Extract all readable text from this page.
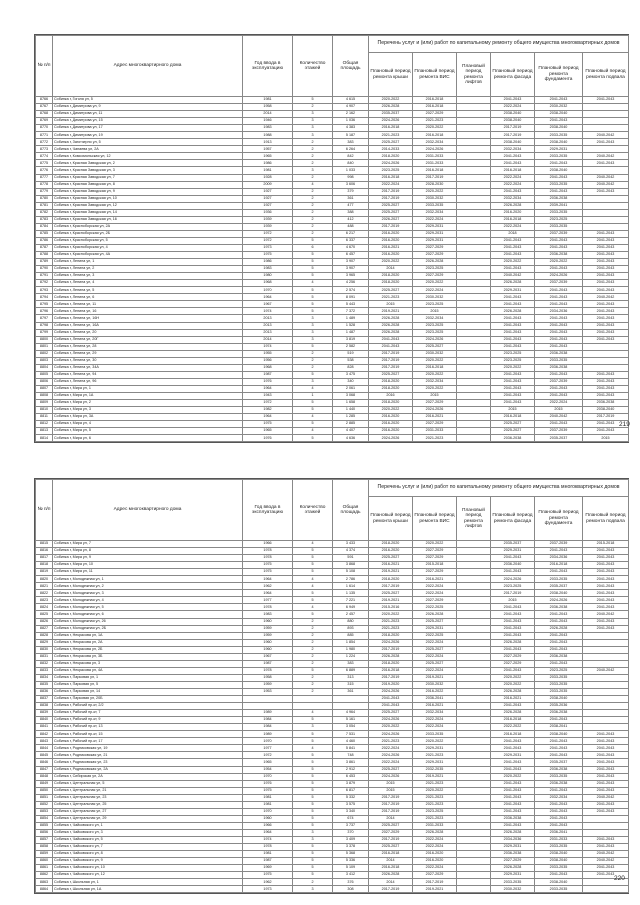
№ п/п	Адрес многоквартирного дома	Год ввода в эксплуатацию	Количество этажей	Общая площадь	Перечень услуг и (или) работ по капитальному ремонту общего имущества многоквартирных домов					
					Плановый период ремонта крыши	Плановый период ремонта ВИС	Плановый период ремонта лифтов	Плановый период ремонта фасада	Плановый период ремонта фундамента	Плановый период ремонта подвала
8766	Собинка г, Гоголя ул, 5	1981	5	4 615	2020-2022	2016-2018		2041-2043	2041-2043	2041-2043
8767	Собинка г, Димитрова ул, 9	1958	2	4 907	2026-2028	2016-2018		2022-2024	2030-2032	
8768	Собинка г, Димитрова ул, 11	2014	3	2 162	2035-2037	2027-2029		2038-2040	2038-2040	
8769	Собинка г, Димитрова ул, 15	1946	3	1 036	2024-2026	2021-2023		2038-2040	2041-2043	
8770	Собинка г, Димитрова ул, 17	1983	3	4 383	2016-2018	2020-2022		2017-2019	2038-2040	
8771	Собинка г, Димитрова ул, 19	1988	3	5 187	2021-2023	2016-2018		2017-2019	2033-2035	2040-2042
8772	Собинка г, Заготзерно ул, 5	1913	2	383	2025-2027	2032-2034		2038-2040	2038-2040	2041-2043
8773	Собинка г, Чапаева ул, 2А	1957	2	6 264	2014-2033	2024-2026		2032-2034	2029-2031	
8774	Собинка г, Комсомольская ул, 12	1965	2	842	2018-2020	2031-2033		2041-2043	2033-2035	2040-2042
8775	Собинка г, Красная Заводская ул, 2	1986	2	840	2024-2026	2031-2033		2041-2043	2041-2043	2041-2043
8776	Собинка г, Красная Заводская ул, 3	1981	3	1 033	2023-2025	2016-2018		2016-2018	2038-2040	
8777	Собинка г, Красная Заводская ул, 7	1928	2	998	2016-2018	2017-2019		2022-2024	2041-2043	2040-2042
8778	Собинка г, Красная Заводская ул, 8	2009	4	3 606	2022-2024	2028-2030		2022-2024	2033-2035	2040-2042
8779	Собинка г, Красная Заводская ул, 9	1927	2	379	2017-2019	2020-2022		2041-2043	2041-2043	2041-2043
8780	Собинка г, Красная Заводская ул, 10	1927	2	361	2017-2019	2030-2032		2032-2034	2036-2038	
8781	Собинка г, Красная Заводская ул, 12	1927	2	477	2025-2027	2033-2035		2026-2028	2039-2041	
8782	Собинка г, Красная Заводская ул, 14	1936	2	388	2025-2027	2032-2034		2016-2020	2033-2035	
8783	Собинка г, Красная Заводская ул, 16	1939	2	412	2026-2027	2022-2024		2016-2018	2023-2025	
8784	Собинка г, Красноборская ул, 2А	1939	2	488	2017-2019	2029-2031		2022-2024	2033-2035	
8785	Собинка г, Красноборская ул, 2Б	1972	2	6 217	2016-2020	2029-2031		2018	2037-2039	2041-2043
8786	Собинка г, Красноборская ул, 5	1972	5	6 337	2016-2020	2029-2031		2041-2043	2041-2043	2041-2043
8787	Собинка г, Красноборская ул, 4	1973	6	4 670	2016-2021	2027-2029		2041-2043	2041-2043	2041-2043
8788	Собинка г, Красноборская ул, 4А	1975	5	6 457	2016-2020	2027-2029		2041-2043	2036-2038	2041-2043
8789	Собинка г, Ленина ул, 1	1986	5	3 907	2020-2022	2026-2028		2020-2022	2020-2022	2041-2043
8790	Собинка г, Ленина ул, 2	1983	5	3 907	2014	2023-2025		2041-2043	2041-2043	2041-2043
8791	Собинка г, Ленина ул, 3	1980	5	3 965	2018-2020	2027-2029		2040-2042	2024-2026	2041-2043
8792	Собинка г, Ленина ул, 4	1968	4	4 256	2018-2020	2020-2022		2026-2028	2037-2039	2041-2043
8793	Собинка г, Ленина ул, 5	1970	5	2 574	2025-2027	2022-2024		2029-2031	2041-2043	2041-2043
8794	Собинка г, Ленина ул, 6	1964	5	8 091	2021-2023	2030-2032		2041-2043	2041-2043	2040-2042
8795	Собинка г, Ленина ул, 11	1967	5	5 443	2015	2023-2025		2041-2043	2041-2043	2041-2043
8796	Собинка г, Ленина ул, 16	1974	5	7 372	2019-2021	2015		2026-2028	2034-2036	2041-2043
8797	Собинка г, Ленина ул, 16Н	2013	3	1 489	2026-2028	2032-2034		2041-2043	2041-2043	2041-2043
8798	Собинка г, Ленина ул, 16А	2013	3	1 528	2026-2028	2023-2025		2041-2043	2041-2043	2041-2043
8799	Собинка г, Ленина ул, 20	2013	3	1 487	2026-2028	2023-2025		2041-2043	2041-2043	2041-2043
8800	Собинка г, Ленина ул, 20Г	2014	3	3 819	2041-2043	2024-2026		2041-2043	2041-2043	2041-2043
8801	Собинка г, Ленина ул, 28	1974	5	2 582	2041-2043	2025-2027		2041-2043	2041-2043	
8802	Собинка г, Ленина ул, 29	1955	2	519	2017-2019	2030-2032		2023-2025	2036-2038	
8803	Собинка г, Ленина ул, 30	1956	2	538	2017-2019	2020-2022		2023-2025	2033-2035	
8804	Собинка г, Ленина ул, 34А	1968	2	828	2017-2019	2016-2018		2020-2022	2036-2038	
8805	Собинка г, Ленина ул, 94	1987	5	3 475	2025-2027	2020-2022		2041-2043	2041-2043	2041-2043
8806	Собинка г, Ленина ул, 96	1976	3	340	2018-2020	2032-2034		2041-2043	2037-2039	2041-2043
8807	Собинка г, Мира ул, 1	1964	4	2 061	2018-2020	2020-2022		2041-2043	2041-2043	2041-2043
8808	Собинка г, Мира ул, 1А	1943	1	3 068	2016	2015		2041-2043	2041-2043	2041-2043
8809	Собинка г, Мира ул, 2	1972	5	1 658	2018-2020	2027-2029		2041-2043	2022-2024	2036-2038
8810	Собинка г, Мира ул, 3	1982	5	1 440	2020-2022	2024-2026		2015	2015	2038-2040
8811	Собинка г, Мира ул, 3А	1964	4	1 285	2016-2020	2016-2021		2016-2018	2040-2042	2017-2019
8812	Собинка г, Мира ул, 4	1975	5	2 885	2016-2020	2027-2029		2025-2027	2041-2043	2041-2043
8813	Собинка г, Мира ул, 5	1965	4	4 407	2016-2020	2031-2033		2025-2027	2037-2039	2041-2043
8814	Собинка г, Мира ул, 6	1976	5	4 636	2024-2026	2021-2023		2036-2038	2035-2037	2015
219
№ п/п	Адрес многоквартирного дома	Год ввода в эксплуатацию	Количество этажей	Общая площадь	Перечень услуг и (или) работ по капитальному ремонту общего имущества многоквартирных домов					
					Плановый период ремонта крыши	Плановый период ремонта ВИС	Плановый период ремонта лифтов	Плановый период ремонта фасада	Плановый период ремонта фундамента	Плановый период ремонта подвала
8815	Собинка г, Мира ул, 7	1966	4	3 433	2018-2020	2020-2022		2035-2037	2037-2039	2015-2018
8816	Собинка г, Мира ул, 8	1978	5	4 374	2016-2020	2027-2029		2029-2031	2041-2043	2041-2043
8817	Собинка г, Мира ул, 9	1978	5	591	2025-2027	2027-2029		2041-2043	2034-2036	2041-2043
8818	Собинка г, Мира ул, 10	1975	5	3 868	2016-2021	2015-2018		2036-2040	2016-2018	2041-2043
8819	Собинка г, Мира ул, 11	1975	5	5 108	2019-2021	2027-2029		2041-2043	2041-2043	2041-2043
8820	Собинка г, Молодежная ул, 1	1964	4	2 786	2018-2020	2016-2021		2024-2026	2033-2035	2041-2043
8821	Собинка г, Молодежная ул, 2	1962	4	1 614	2017-2019	2022-2024		2023-2025	2035-2037	2041-2043
8822	Собинка г, Молодежная ул, 3	1964	5	1 135	2025-2027	2022-2024		2017-2019	2038-2040	2041-2043
8823	Собинка г, Молодежная ул, 4	1977	5	7 221	2019-2021	2027-2029		2015	2024-2026	2041-2043
8824	Собинка г, Молодежная ул, 5	1978	4	6 949	2015-2016	2022-2025		2041-2043	2036-2038	2041-2043
8825	Собинка г, Молодежная ул, 6	1983	5	2 457	2020-2022	2026-2028		2041-2043	2041-2043	2040-2042
8826	Собинка г, Молодежная ул, 26	1960	2	880	2021-2023	2025-2027		2041-2043	2041-2043	2041-2043
8827	Собинка г, Молодежная ул, 2Б	1959	2	893	2021-2023	2029-2031		2041-2043	2026-2028	2041-2043
8828	Собинка г, Некрасова ул, 1А	1959	2	885	2018-2020	2022-2025		2041-2043	2041-2043	
8829	Собинка г, Некрасова ул, 2А	1960	2	1 854	2024-2026	2022-2024		2026-2028	2041-2043	
8830	Собинка г, Некрасова ул, 2Б	1960	2	1 980	2017-2019	2025-2027		2041-2043	2041-2043	
8831	Собинка г, Некрасова ул, 3Б	1967	2	1 224	2026-2028	2022-2024		2027-2029	2036-2038	
8832	Собинка г, Некрасова ул, 3	1987	2	383	2018-2020	2025-2027		2027-2029	2041-2043	
8833	Собинка г, Некрасова ул, 4А	1978	5	6 889	2016-2018	2022-2024		2041-2043	2023-2025	2040-2042
8834	Собинка г, Парковая ул, 1	1958	2	313	2017-2019	2019-2021		2020-2022	2033-2035	
8835	Собинка г, Парковая ул, 5	1959	2	315	2019-2020	2030-2032		2020-2022	2033-2035	
8836	Собинка г, Парковая ул, 14	1953	2	361	2024-2026	2016-2022		2026-2028	2033-2035	
8837	Собинка г, Парковая ул, 20Б				2041-2043	2036-2041		2016-2021	2038-2040	
8838	Собинка г, Рабочий пр-кт, 2/2				2041-2043	2016-2021		2041-2043	2035-2036	
8839	Собинка г, Рабочий пр-кт, 7	1989	4	4 964	2025-2027	2032-2034		2026-2028	2036-2038	
8840	Собинка г, Рабочий пр-кт, 9	1984	5	5 161	2024-2026	2022-2024		2016-2018	2041-2043	
8841	Собинка г, Рабочий пр-кт, 13	1984	3	3 054	2020-2022	2022-2024		2022-2022	2038-2041	
8842	Собинка г, Рабочий пр-кт, 15	1989	5	7 531	2024-2026	2033-2035		2016-2018	2038-2040	2041-2043
8843	Собинка г, Рабочий пр-кт, 17	1970	5	4 460	2021-2023	2020-2022		2041-2043	2041-2043	2041-2043
8844	Собинка г, Родниковская ул, 19	1977	4	5 841	2022-2024	2029-2031		2041-2043	2041-2043	2041-2043
8845	Собинка г, Родниковская ул, 21	1972	5	748	2024-2026	2021-2023		2029-2031	2041-2043	2041-2043
8846	Собинка г, Родниковская ул, 23	1965	5	3 861	2022-2024	2029-2031		2041-2043	2035-2037	2041-2043
8847	Собинка г, Родниковская ул, 2А	1954	5	2 912	2025-2027	2032-2035		2041-2043	2036-2038	2041-2043
8848	Собинка г, Сибирская ул, 2А	1970	5	6 453	2024-2026	2019-2021		2020-2022	2033-2035	2041-2043
8849	Собинка г, Центральная ул, 5	1976	5	3 879	2015	2021-2023		2041-2043	2036-2038	2041-2043
8850	Собинка г, Центральная ул, 21	1975	5	6 817	2015	2020-2022		2041-2043	2041-2043	2041-2043
8851	Собинка г, Центральная ул, 23	1981	5	5 332	2017-2019	2021-2023		2041-2043	2032-2034	2040-2042
8852	Собинка г, Центральная ул, 25	1981	5	3 575	2017-2019	2021-2023		2041-2043	2041-2043	2041-2043
8853	Собинка г, Центральная ул, 27	1970	5	3 340	2017-2019	2023-2025		2041-2043	2041-2043	2041-2043
8854	Собинка г, Центральная ул, 29	1960	5	674	2014	2021-2023		2036-2038	2041-2043	
8855	Собинка г, Чайковского ул, 1	1966	5	3 737	2025-2027	2031-2033		2041-2043	2041-2043	
8856	Собинка г, Чайковского ул, 3	1964	3	370	2027-2029	2026-2028		2026-2028	2036-2041	
8857	Собинка г, Чайковского ул, 5	1974	3	3 409	2017-2019	2022-2024		2034-2036	2031-2033	2041-2043
8858	Собинка г, Чайковского ул, 7	1978	5	3 378	2025-2027	2022-2024		2029-2031	2033-2035	2041-2043
8859	Собинка г, Чайковского ул, 8	1981	5	5 368	2016-2018	2016-2020		2036-2038	2038-2040	2040-2042
8860	Собинка г, Чайковского ул, 9	1987	5	5 336	2014	2016-2020		2027-2029	2038-2040	2040-2042
8861	Собинка г, Чайковского ул, 10	1969	5	5 109	2016-2018	2022-2024		2026-2028	2033-2035	2041-2043
8862	Собинка г, Чайковского ул, 12	1975	5	3 412	2026-2028	2027-2029		2029-2031	2041-2043	2041-2043
8863	Собинка г, Школьная ул, 1	1962	2	376	2014	2017-2019		2033-2035	2038-2040	
8864	Собинка г, Школьная ул, 1А	1973	3	308	2017-2019	2019-2021		2030-2032	2033-2035	
220
